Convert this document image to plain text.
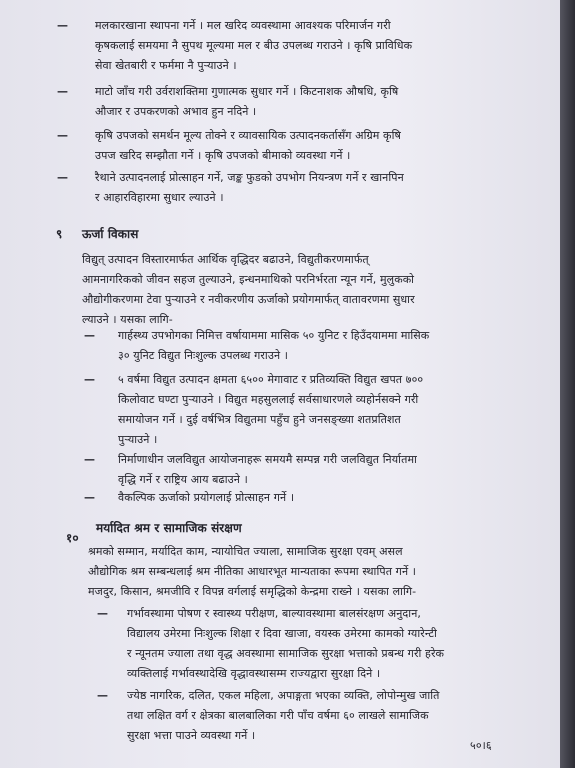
— मलकारखाना स्थापना गर्ने । मल खरिद व्यवस्थामा आवश्यक परिमार्जन गरी
कृषकलाई समयमा नै सुपथ मूल्यमा मल र बीउ उपलब्ध गराउने । कृषि प्राविधिक
सेवा खेतबारी र फर्ममा नै पुऱ्याउने ।
— माटो जाँच गरी उर्वराशक्तिमा गुणात्मक सुधार गर्ने । किटनाशक औषधि, कृषि
औजार र उपकरणको अभाव हुन नदिने ।
— कृषि उपजको समर्थन मूल्य तोक्ने र व्यावसायिक उत्पादनकर्तासँग अग्रिम कृषि
उपज खरिद सम्झौता गर्ने । कृषि उपजको बीमाको व्यवस्था गर्ने ।
— रैथाने उत्पादनलाई प्रोत्साहन गर्ने, जङ्क फुडको उपभोग नियन्त्रण गर्ने र खानपिन
र आहारविहारमा सुधार ल्याउने ।
९ ऊर्जा विकास
विद्युत् उत्पादन विस्तारमार्फत आर्थिक वृद्धिदर बढाउने, विद्युतीकरणमार्फत्
आमनागरिकको जीवन सहज तुल्याउने, इन्धनमाथिको परनिर्भरता न्यून गर्ने, मुलुकको
औद्योगीकरणमा टेवा पुऱ्याउने र नवीकरणीय ऊर्जाको प्रयोगमार्फत् वातावरणमा सुधार
ल्याउने । यसका लागि-
— गार्हस्थ्य उपभोगका निमित्त वर्षायाममा मासिक ५० युनिट र हिउँदयाममा मासिक
३० युनिट विद्युत निःशुल्क उपलब्ध गराउने ।
— ५ वर्षमा विद्युत उत्पादन क्षमता ६५०० मेगावाट र प्रतिव्यक्ति विद्युत खपत ७००
किलोवाट घण्टा पुऱ्याउने । विद्युत महसुललाई सर्वसाधारणले व्यहोर्नसक्ने गरी
समायोजन गर्ने । दुई वर्षभित्र विद्युतमा पहुँच हुने जनसङ्ख्या शतप्रतिशत
पुऱ्याउने ।
— निर्माणाधीन जलविद्युत आयोजनाहरू समयमै सम्पन्न गरी जलविद्युत निर्यातमा
वृद्धि गर्ने र राष्ट्रिय आय बढाउने ।
— वैकल्पिक ऊर्जाको प्रयोगलाई प्रोत्साहन गर्ने ।
१०
मर्यादित श्रम र सामाजिक संरक्षण
श्रमको सम्मान, मर्यादित काम, न्यायोचित ज्याला, सामाजिक सुरक्षा एवम् असल
औद्योगिक श्रम सम्बन्धलाई श्रम नीतिका आधारभूत मान्यताका रूपमा स्थापित गर्ने ।
मजदुर, किसान, श्रमजीवि र विपन्न वर्गलाई समृद्धिको केन्द्रमा राख्ने । यसका लागि-
— गर्भावस्थामा पोषण र स्वास्थ्य परीक्षण, बाल्यावस्थामा बालसंरक्षण अनुदान,
विद्यालय उमेरमा निःशुल्क शिक्षा र दिवा खाजा, वयस्क उमेरमा कामको ग्यारेन्टी
र न्यूनतम ज्याला तथा वृद्ध अवस्थामा सामाजिक सुरक्षा भत्ताको प्रबन्ध गरी हरेक
व्यक्तिलाई गर्भावस्थादेखि वृद्धावस्थासम्म राज्यद्वारा सुरक्षा दिने ।
— ज्येष्ठ नागरिक, दलित, एकल महिला, अपाङ्गता भएका व्यक्ति, लोपोन्मुख जाति
तथा लक्षित वर्ग र क्षेत्रका बालबालिका गरी पाँच वर्षमा ६० लाखले सामाजिक
सुरक्षा भत्ता पाउने व्यवस्था गर्ने ।
५०।६
